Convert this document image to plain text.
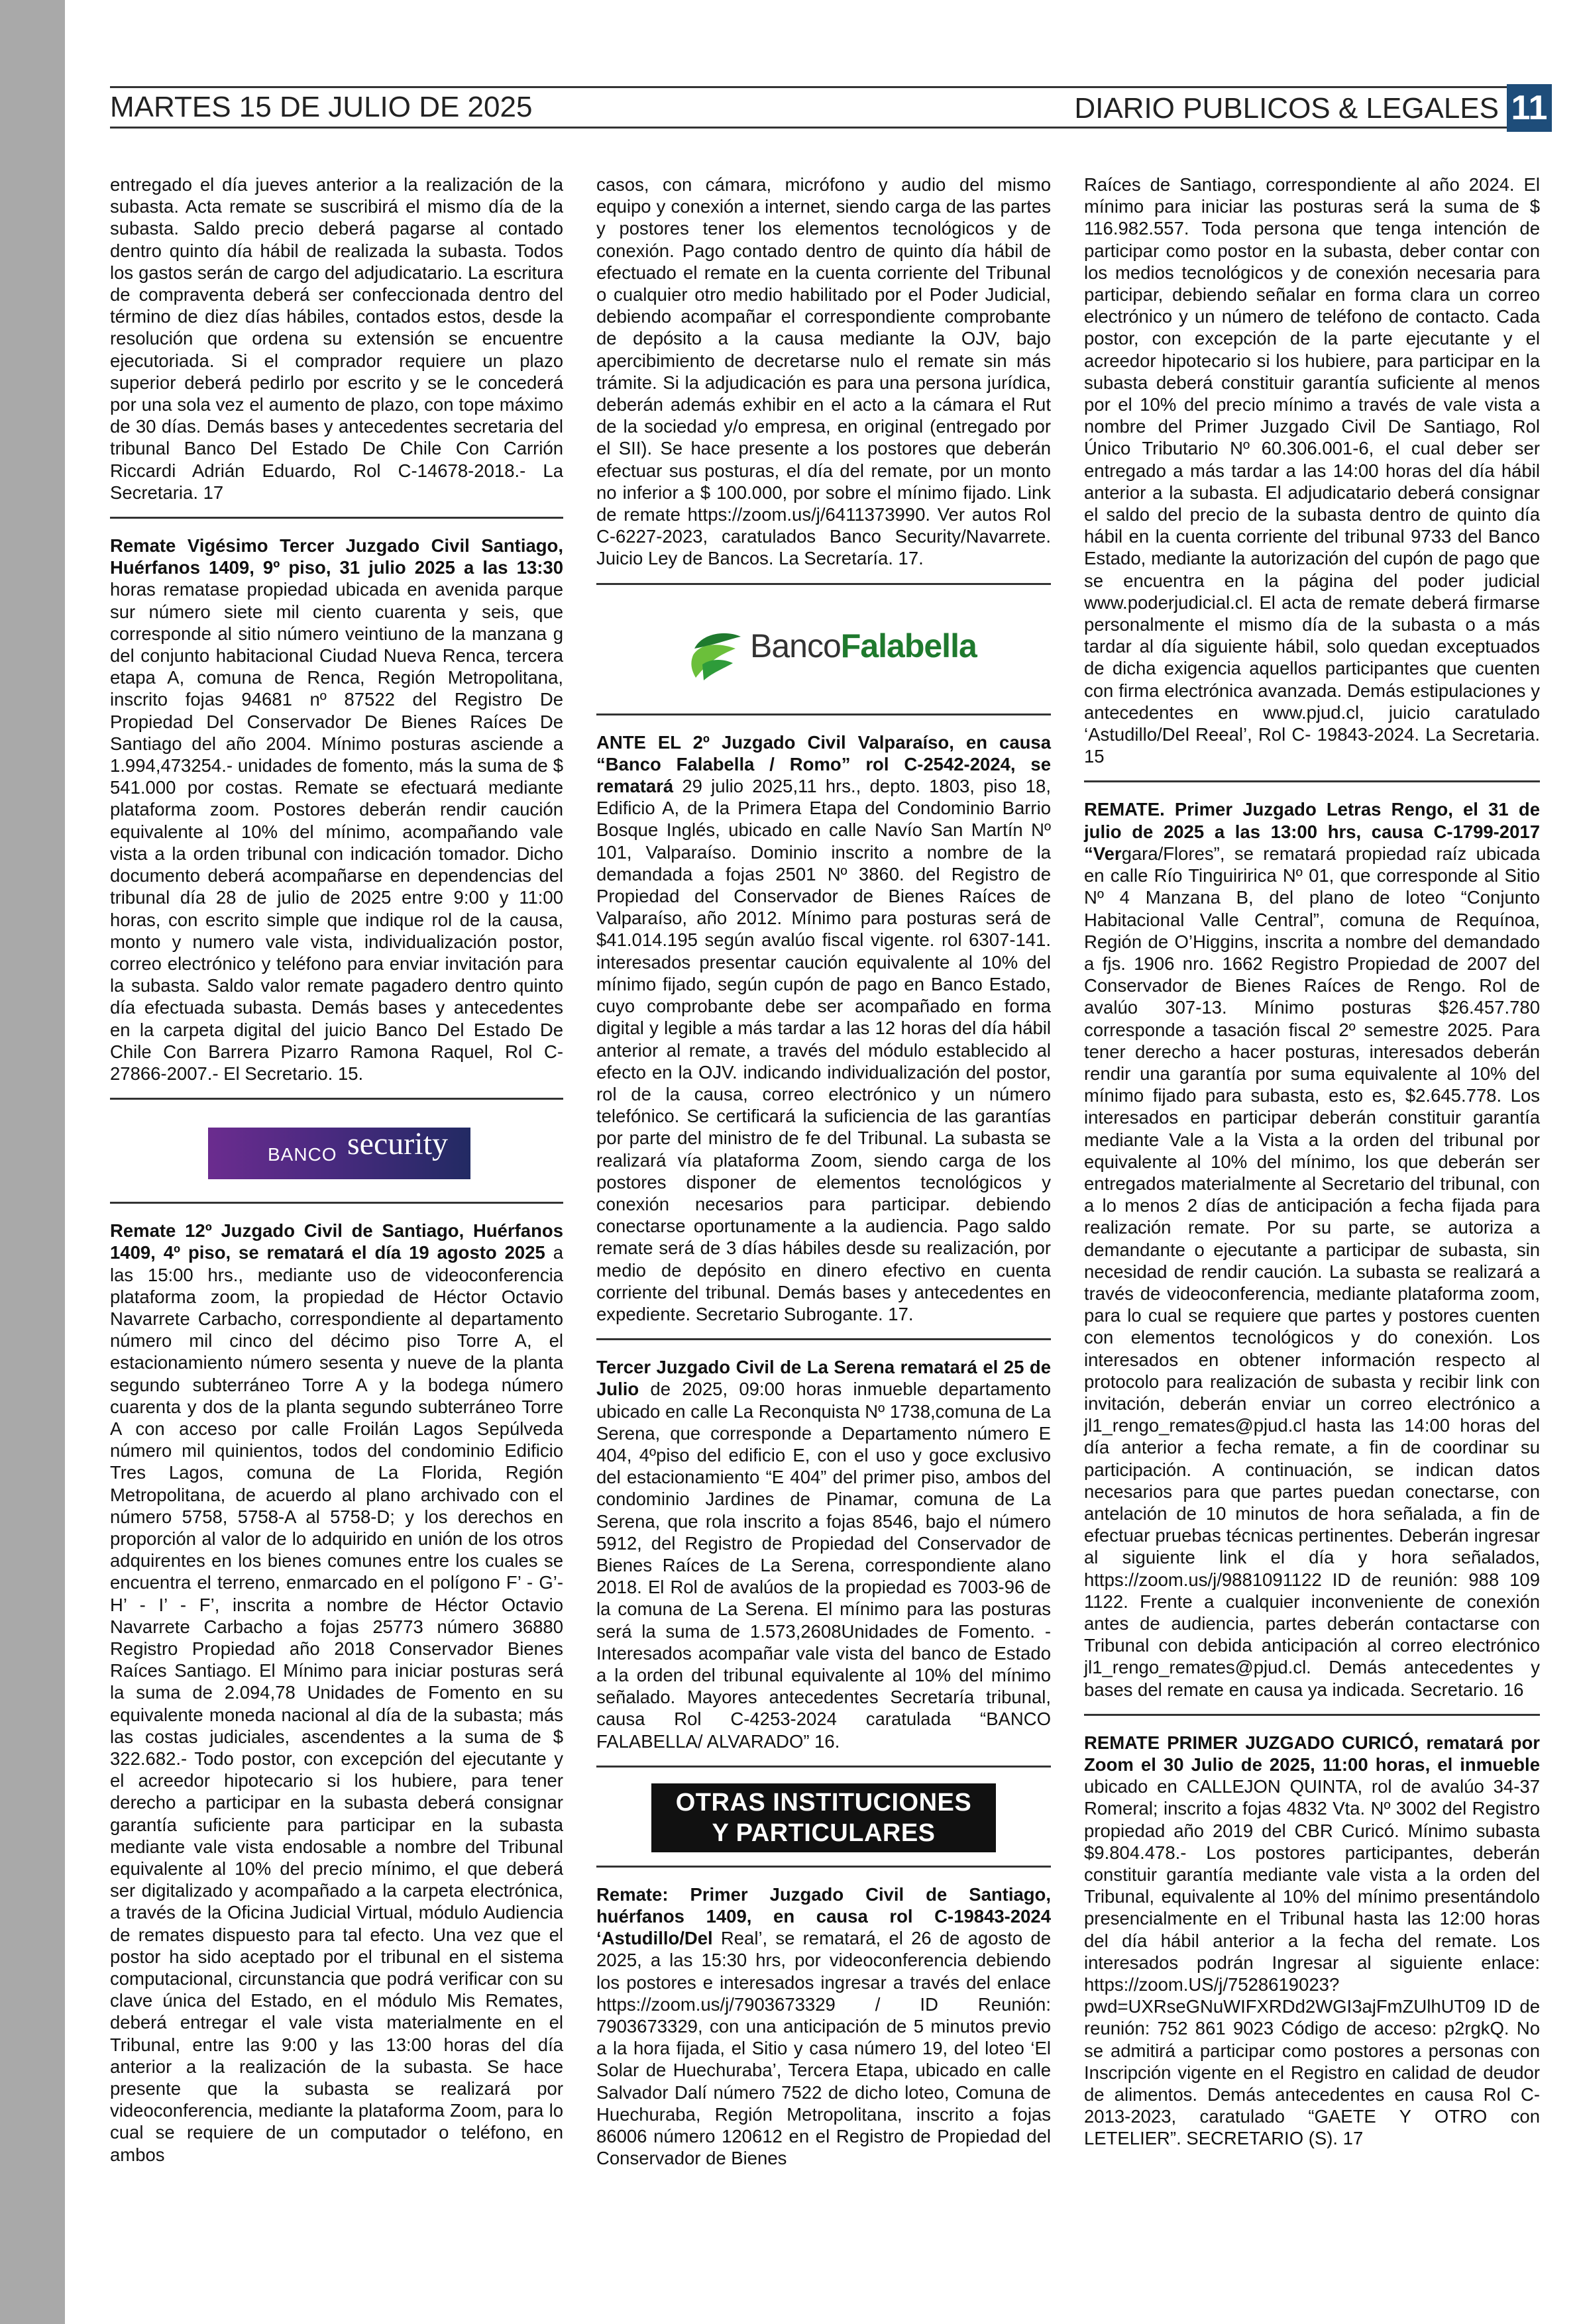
MARTES 15 DE JULIO DE 2025	DIARIO PUBLICOS & LEGALES 11

entregado el día jueves anterior a la realización de la subasta. Acta remate se suscribirá el mismo día de la subasta. Saldo precio deberá pagarse al contado dentro quinto día hábil de realizada la subasta. Todos los gastos serán de cargo del adjudicatario. La escritura de compraventa deberá ser confeccionada dentro del término de diez días hábiles, contados estos, desde la resolución que ordena su extensión se encuentre ejecutoriada. Si el comprador requiere un plazo superior deberá pedirlo por escrito y se le concederá por una sola vez el aumento de plazo, con tope máximo de 30 días. Demás bases y antecedentes secretaria del tribunal Banco Del Estado De Chile Con Carrión Riccardi Adrián Eduardo, Rol C-14678-2018.- La Secretaria. 17

Remate Vigésimo Tercer Juzgado Civil Santiago, Huérfanos 1409, 9º piso, 31 julio 2025 a las 13:30 horas rematase propiedad ubicada en avenida parque sur número siete mil ciento cuarenta y seis, que corresponde al sitio número veintiuno de la manzana g del conjunto habitacional Ciudad Nueva Renca, tercera etapa A, comuna de Renca, Región Metropolitana, inscrito fojas 94681 nº 87522 del Registro De Propiedad Del Conservador De Bienes Raíces De Santiago del año 2004. Mínimo posturas asciende a 1.994,473254.- unidades de fomento, más la suma de $ 541.000 por costas. Remate se efectuará mediante plataforma zoom. Postores deberán rendir caución equivalente al 10% del mínimo, acompañando vale vista a la orden tribunal con indicación tomador. Dicho documento deberá acompañarse en dependencias del tribunal día 28 de julio de 2025 entre 9:00 y 11:00 horas, con escrito simple que indique rol de la causa, monto y numero vale vista, individualización postor, correo electrónico y teléfono para enviar invitación para la subasta. Saldo valor remate pagadero dentro quinto día efectuada subasta. Demás bases y antecedentes en la carpeta digital del juicio Banco Del Estado De Chile Con Barrera Pizarro Ramona Raquel, Rol C-27866-2007.- El Secretario. 15.

BANCO security

Remate 12º Juzgado Civil de Santiago, Huérfanos 1409, 4º piso, se rematará el día 19 agosto 2025 a las 15:00 hrs., mediante uso de videoconferencia plataforma zoom, la propiedad de Héctor Octavio Navarrete Carbacho, correspondiente al departamento número mil cinco del décimo piso Torre A, el estacionamiento número sesenta y nueve de la planta segundo subterráneo Torre A y la bodega número cuarenta y dos de la planta segundo subterráneo Torre A con acceso por calle Froilán Lagos Sepúlveda número mil quinientos, todos del condominio Edificio Tres Lagos, comuna de La Florida, Región Metropolitana, de acuerdo al plano archivado con el número 5758, 5758-A al 5758-D; y los derechos en proporción al valor de lo adquirido en unión de los otros adquirentes en los bienes comunes entre los cuales se encuentra el terreno, enmarcado en el polígono F’ - G’- H’ - I’ - F’, inscrita a nombre de Héctor Octavio Navarrete Carbacho a fojas 25773 número 36880 Registro Propiedad año 2018 Conservador Bienes Raíces Santiago. El Mínimo para iniciar posturas será la suma de 2.094,78 Unidades de Fomento en su equivalente moneda nacional al día de la subasta; más las costas judiciales, ascendentes a la suma de $ 322.682.- Todo postor, con excepción del ejecutante y el acreedor hipotecario si los hubiere, para tener derecho a participar en la subasta deberá consignar garantía suficiente para participar en la subasta mediante vale vista endosable a nombre del Tribunal equivalente al 10% del precio mínimo, el que deberá ser digitalizado y acompañado a la carpeta electrónica, a través de la Oficina Judicial Virtual, módulo Audiencia de remates dispuesto para tal efecto. Una vez que el postor ha sido aceptado por el tribunal en el sistema computacional, circunstancia que podrá verificar con su clave única del Estado, en el módulo Mis Remates, deberá entregar el vale vista materialmente en el Tribunal, entre las 9:00 y las 13:00 horas del día anterior a la realización de la subasta. Se hace presente que la subasta se realizará por videoconferencia, mediante la plataforma Zoom, para lo cual se requiere de un computador o teléfono, en ambos

casos, con cámara, micrófono y audio del mismo equipo y conexión a internet, siendo carga de las partes y postores tener los elementos tecnológicos y de conexión. Pago contado dentro de quinto día hábil de efectuado el remate en la cuenta corriente del Tribunal o cualquier otro medio habilitado por el Poder Judicial, debiendo acompañar el correspondiente comprobante de depósito a la causa mediante la OJV, bajo apercibimiento de decretarse nulo el remate sin más trámite. Si la adjudicación es para una persona jurídica, deberán además exhibir en el acto a la cámara el Rut de la sociedad y/o empresa, en original (entregado por el SII). Se hace presente a los postores que deberán efectuar sus posturas, el día del remate, por un monto no inferior a $ 100.000, por sobre el mínimo fijado. Link de remate https://zoom.us/j/6411373990. Ver autos Rol C-6227-2023, caratulados Banco Security/Navarrete. Juicio Ley de Bancos. La Secretaría. 17.

BancoFalabella

ANTE EL 2º Juzgado Civil Valparaíso, en causa “Banco Falabella / Romo” rol C-2542-2024, se rematará 29 julio 2025,11 hrs., depto. 1803, piso 18, Edificio A, de la Primera Etapa del Condominio Barrio Bosque Inglés, ubicado en calle Navío San Martín Nº 101, Valparaíso. Dominio inscrito a nombre de la demandada a fojas 2501 Nº 3860. del Registro de Propiedad del Conservador de Bienes Raíces de Valparaíso, año 2012. Mínimo para posturas será de $41.014.195 según avalúo fiscal vigente. rol 6307-141. interesados presentar caución equivalente al 10% del mínimo fijado, según cupón de pago en Banco Estado, cuyo comprobante debe ser acompañado en forma digital y legible a más tardar a las 12 horas del día hábil anterior al remate, a través del módulo establecido al efecto en la OJV. indicando individualización del postor, rol de la causa, correo electrónico y un número telefónico. Se certificará la suficiencia de las garantías por parte del ministro de fe del Tribunal. La subasta se realizará vía plataforma Zoom, siendo carga de los postores disponer de elementos tecnológicos y conexión necesarios para participar. debiendo conectarse oportunamente a la audiencia. Pago saldo remate será de 3 días hábiles desde su realización, por medio de depósito en dinero efectivo en cuenta corriente del tribunal. Demás bases y antecedentes en expediente. Secretario Subrogante. 17.

Tercer Juzgado Civil de La Serena rematará el 25 de Julio de 2025, 09:00 horas inmueble departamento ubicado en calle La Reconquista Nº 1738,comuna de La Serena, que corresponde a Departamento número E 404, 4ºpiso del edificio E, con el uso y goce exclusivo del estacionamiento “E 404” del primer piso, ambos del condominio Jardines de Pinamar, comuna de La Serena, que rola inscrito a fojas 8546, bajo el número 5912, del Registro de Propiedad del Conservador de Bienes Raíces de La Serena, correspondiente alano 2018. El Rol de avalúos de la propiedad es 7003-96 de la comuna de La Serena. El mínimo para las posturas será la suma de 1.573,2608Unidades de Fomento. - Interesados acompañar vale vista del banco de Estado a la orden del tribunal equivalente al 10% del mínimo señalado. Mayores antecedentes Secretaría tribunal, causa Rol C-4253-2024 caratulada “BANCO FALABELLA/ ALVARADO” 16.

OTRAS INSTITUCIONES
Y PARTICULARES

Remate: Primer Juzgado Civil de Santiago, huérfanos 1409, en causa rol C-19843-2024 ‘Astudillo/Del Real’, se rematará, el 26 de agosto de 2025, a las 15:30 hrs, por videoconferencia debiendo los postores e interesados ingresar a través del enlace https://zoom.us/j/7903673329 / ID Reunión: 7903673329, con una anticipación de 5 minutos previo a la hora fijada, el Sitio y casa número 19, del loteo ‘El Solar de Huechuraba’, Tercera Etapa, ubicado en calle Salvador Dalí número 7522 de dicho loteo, Comuna de Huechuraba, Región Metropolitana, inscrito a fojas 86006 número 120612 en el Registro de Propiedad del Conservador de Bienes

Raíces de Santiago, correspondiente al año 2024. El mínimo para iniciar las posturas será la suma de $ 116.982.557. Toda persona que tenga intención de participar como postor en la subasta, deber contar con los medios tecnológicos y de conexión necesaria para participar, debiendo señalar en forma clara un correo electrónico y un número de teléfono de contacto. Cada postor, con excepción de la parte ejecutante y el acreedor hipotecario si los hubiere, para participar en la subasta deberá constituir garantía suficiente al menos por el 10% del precio mínimo a través de vale vista a nombre del Primer Juzgado Civil De Santiago, Rol Único Tributario Nº 60.306.001-6, el cual deber ser entregado a más tardar a las 14:00 horas del día hábil anterior a la subasta. El adjudicatario deberá consignar el saldo del precio de la subasta dentro de quinto día hábil en la cuenta corriente del tribunal 9733 del Banco Estado, mediante la autorización del cupón de pago que se encuentra en la página del poder judicial www.poderjudicial.cl. El acta de remate deberá firmarse personalmente el mismo día de la subasta o a más tardar al día siguiente hábil, solo quedan exceptuados de dicha exigencia aquellos participantes que cuenten con firma electrónica avanzada. Demás estipulaciones y antecedentes en www.pjud.cl, juicio caratulado ‘Astudillo/Del Reeal’, Rol C- 19843-2024. La Secretaria. 15

REMATE. Primer Juzgado Letras Rengo, el 31 de julio de 2025 a las 13:00 hrs, causa C-1799-2017 “Vergara/Flores”, se rematará propiedad raíz ubicada en calle Río Tinguiririca Nº 01, que corresponde al Sitio Nº 4 Manzana B, del plano de loteo “Conjunto Habitacional Valle Central”, comuna de Requínoa, Región de O’Higgins, inscrita a nombre del demandado a fjs. 1906 nro. 1662 Registro Propiedad de 2007 del Conservador de Bienes Raíces de Rengo. Rol de avalúo 307-13. Mínimo posturas $26.457.780 corresponde a tasación fiscal 2º semestre 2025. Para tener derecho a hacer posturas, interesados deberán rendir una garantía por suma equivalente al 10% del mínimo fijado para subasta, esto es, $2.645.778. Los interesados en participar deberán constituir garantía mediante Vale a la Vista a la orden del tribunal por equivalente al 10% del mínimo, los que deberán ser entregados materialmente al Secretario del tribunal, con a lo menos 2 días de anticipación a fecha fijada para realización remate. Por su parte, se autoriza a demandante o ejecutante a participar de subasta, sin necesidad de rendir caución. La subasta se realizará a través de videoconferencia, mediante plataforma zoom, para lo cual se requiere que partes y postores cuenten con elementos tecnológicos y do conexión. Los interesados en obtener información respecto al protocolo para realización de subasta y recibir link con invitación, deberán enviar un correo electrónico a jl1_rengo_remates@pjud.cl hasta las 14:00 horas del día anterior a fecha remate, a fin de coordinar su participación. A continuación, se indican datos necesarios para que partes puedan conectarse, con antelación de 10 minutos de hora señalada, a fin de efectuar pruebas técnicas pertinentes. Deberán ingresar al siguiente link el día y hora señalados, https://zoom.us/j/9881091122 ID de reunión: 988 109 1122. Frente a cualquier inconveniente de conexión antes de audiencia, partes deberán contactarse con Tribunal con debida anticipación al correo electrónico jl1_rengo_remates@pjud.cl. Demás antecedentes y bases del remate en causa ya indicada. Secretario. 16

REMATE PRIMER JUZGADO CURICÓ, rematará por Zoom el 30 Julio de 2025, 11:00 horas, el inmueble ubicado en CALLEJON QUINTA, rol de avalúo 34-37 Romeral; inscrito a fojas 4832 Vta. Nº 3002 del Registro propiedad año 2019 del CBR Curicó. Mínimo subasta $9.804.478.- Los postores participantes, deberán constituir garantía mediante vale vista a la orden del Tribunal, equivalente al 10% del mínimo presentándolo presencialmente en el Tribunal hasta las 12:00 horas del día hábil anterior a la fecha del remate. Los interesados podrán Ingresar al siguiente enlace: https://zoom.US/j/7528619023?pwd=UXRseGNuWIFXRDd2WGI3ajFmZUlhUT09 ID de reunión: 752 861 9023 Código de acceso: p2rgkQ. No se admitirá a participar como postores a personas con Inscripción vigente en el Registro en calidad de deudor de alimentos. Demás antecedentes en causa Rol C-2013-2023, caratulado “GAETE Y OTRO con LETELIER”. SECRETARIO (S). 17
